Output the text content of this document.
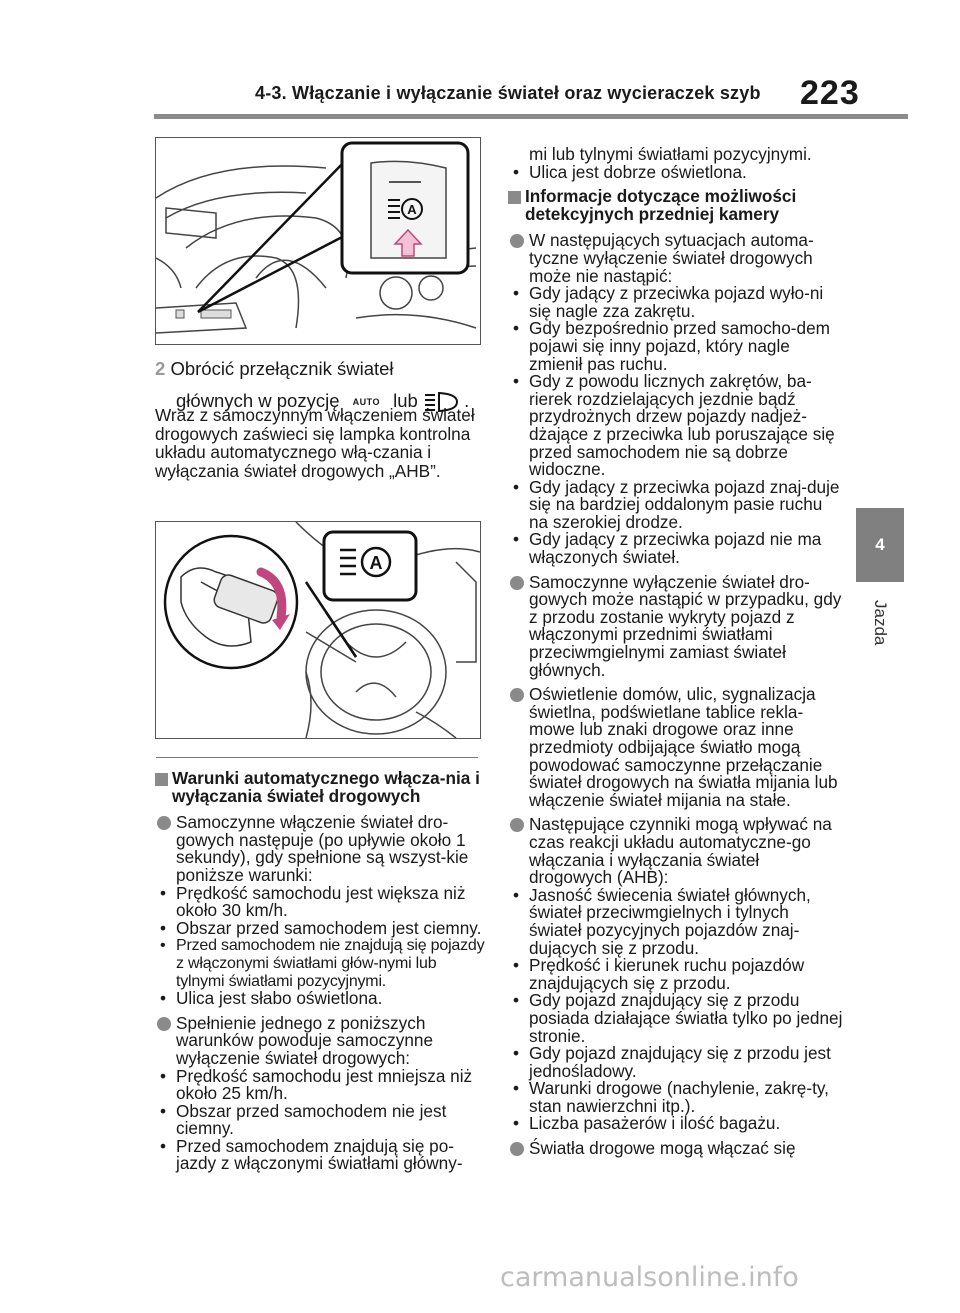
4-3. Włączanie i wyłączanie świateł oraz wycieraczek szyb 223
4
Jazda
A
2 Obrócić przełącznik świateł
głównych w pozycję AUTO lub	.
Wraz z samoczynnym włączeniem świateł drogowych zaświeci się lampka kontrolna układu automatycznego włą-czania i wyłączania świateł drogowych „AHB”.
A

Warunki automatycznego włącza-nia i wyłączania świateł drogowych

Samoczynne włączenie świateł dro-gowych następuje (po upływie około 1 sekundy), gdy spełnione są wszyst-kie poniższe warunki:

• Prędkość samochodu jest większa niż około 30 km/h.

• Obszar przed samochodem jest ciemny.

• Przed samochodem nie znajdują się pojazdy z włączonymi światłami głów-nymi lub tylnymi światłami pozycyjnymi.

• Ulica jest słabo oświetlona.

Spełnienie jednego z poniższych warunków powoduje samoczynne wyłączenie świateł drogowych:

• Prędkość samochodu jest mniejsza niż około 25 km/h.

• Obszar przed samochodem nie jest ciemny.

• Przed samochodem znajdują się po-jazdy z włączonymi światłami główny-

mi lub tylnymi światłami pozycyjnymi.

• Ulica jest dobrze oświetlona.

Informacje dotyczące możliwości detekcyjnych przedniej kamery

W następujących sytuacjach automa-tyczne wyłączenie świateł drogowych może nie nastąpić:

• Gdy jadący z przeciwka pojazd wyło-ni się nagle zza zakrętu.

• Gdy bezpośrednio przed samocho-dem pojawi się inny pojazd, który nagle zmienił pas ruchu.

• Gdy z powodu licznych zakrętów, ba-rierek rozdzielających jezdnie bądź przydrożnych drzew pojazdy nadjeż-dżające z przeciwka lub poruszające się przed samochodem nie są dobrze widoczne.

• Gdy jadący z przeciwka pojazd znaj-duje się na bardziej oddalonym pasie ruchu na szerokiej drodze.

• Gdy jadący z przeciwka pojazd nie ma włączonych świateł.

Samoczynne wyłączenie świateł dro-gowych może nastąpić w przypadku, gdy z przodu zostanie wykryty pojazd z włączonymi przednimi światłami przeciwmgielnymi zamiast świateł głównych.

Oświetlenie domów, ulic, sygnalizacja świetlna, podświetlane tablice rekla-mowe lub znaki drogowe oraz inne przedmioty odbijające światło mogą powodować samoczynne przełączanie świateł drogowych na światła mijania lub włączenie świateł mijania na stałe.

Następujące czynniki mogą wpływać na czas reakcji układu automatyczne-go włączania i wyłączania świateł drogowych (AHB):

• Jasność świecenia świateł głównych, świateł przeciwmgielnych i tylnych świateł pozycyjnych pojazdów znaj-dujących się z przodu.

• Prędkość i kierunek ruchu pojazdów znajdujących się z przodu.

• Gdy pojazd znajdujący się z przodu posiada działające światła tylko po jednej stronie.

• Gdy pojazd znajdujący się z przodu jest jednośladowy.

• Warunki drogowe (nachylenie, zakrę-ty, stan nawierzchni itp.).

• Liczba pasażerów i ilość bagażu.

Światła drogowe mogą włączać się

carmanualsonline.info
